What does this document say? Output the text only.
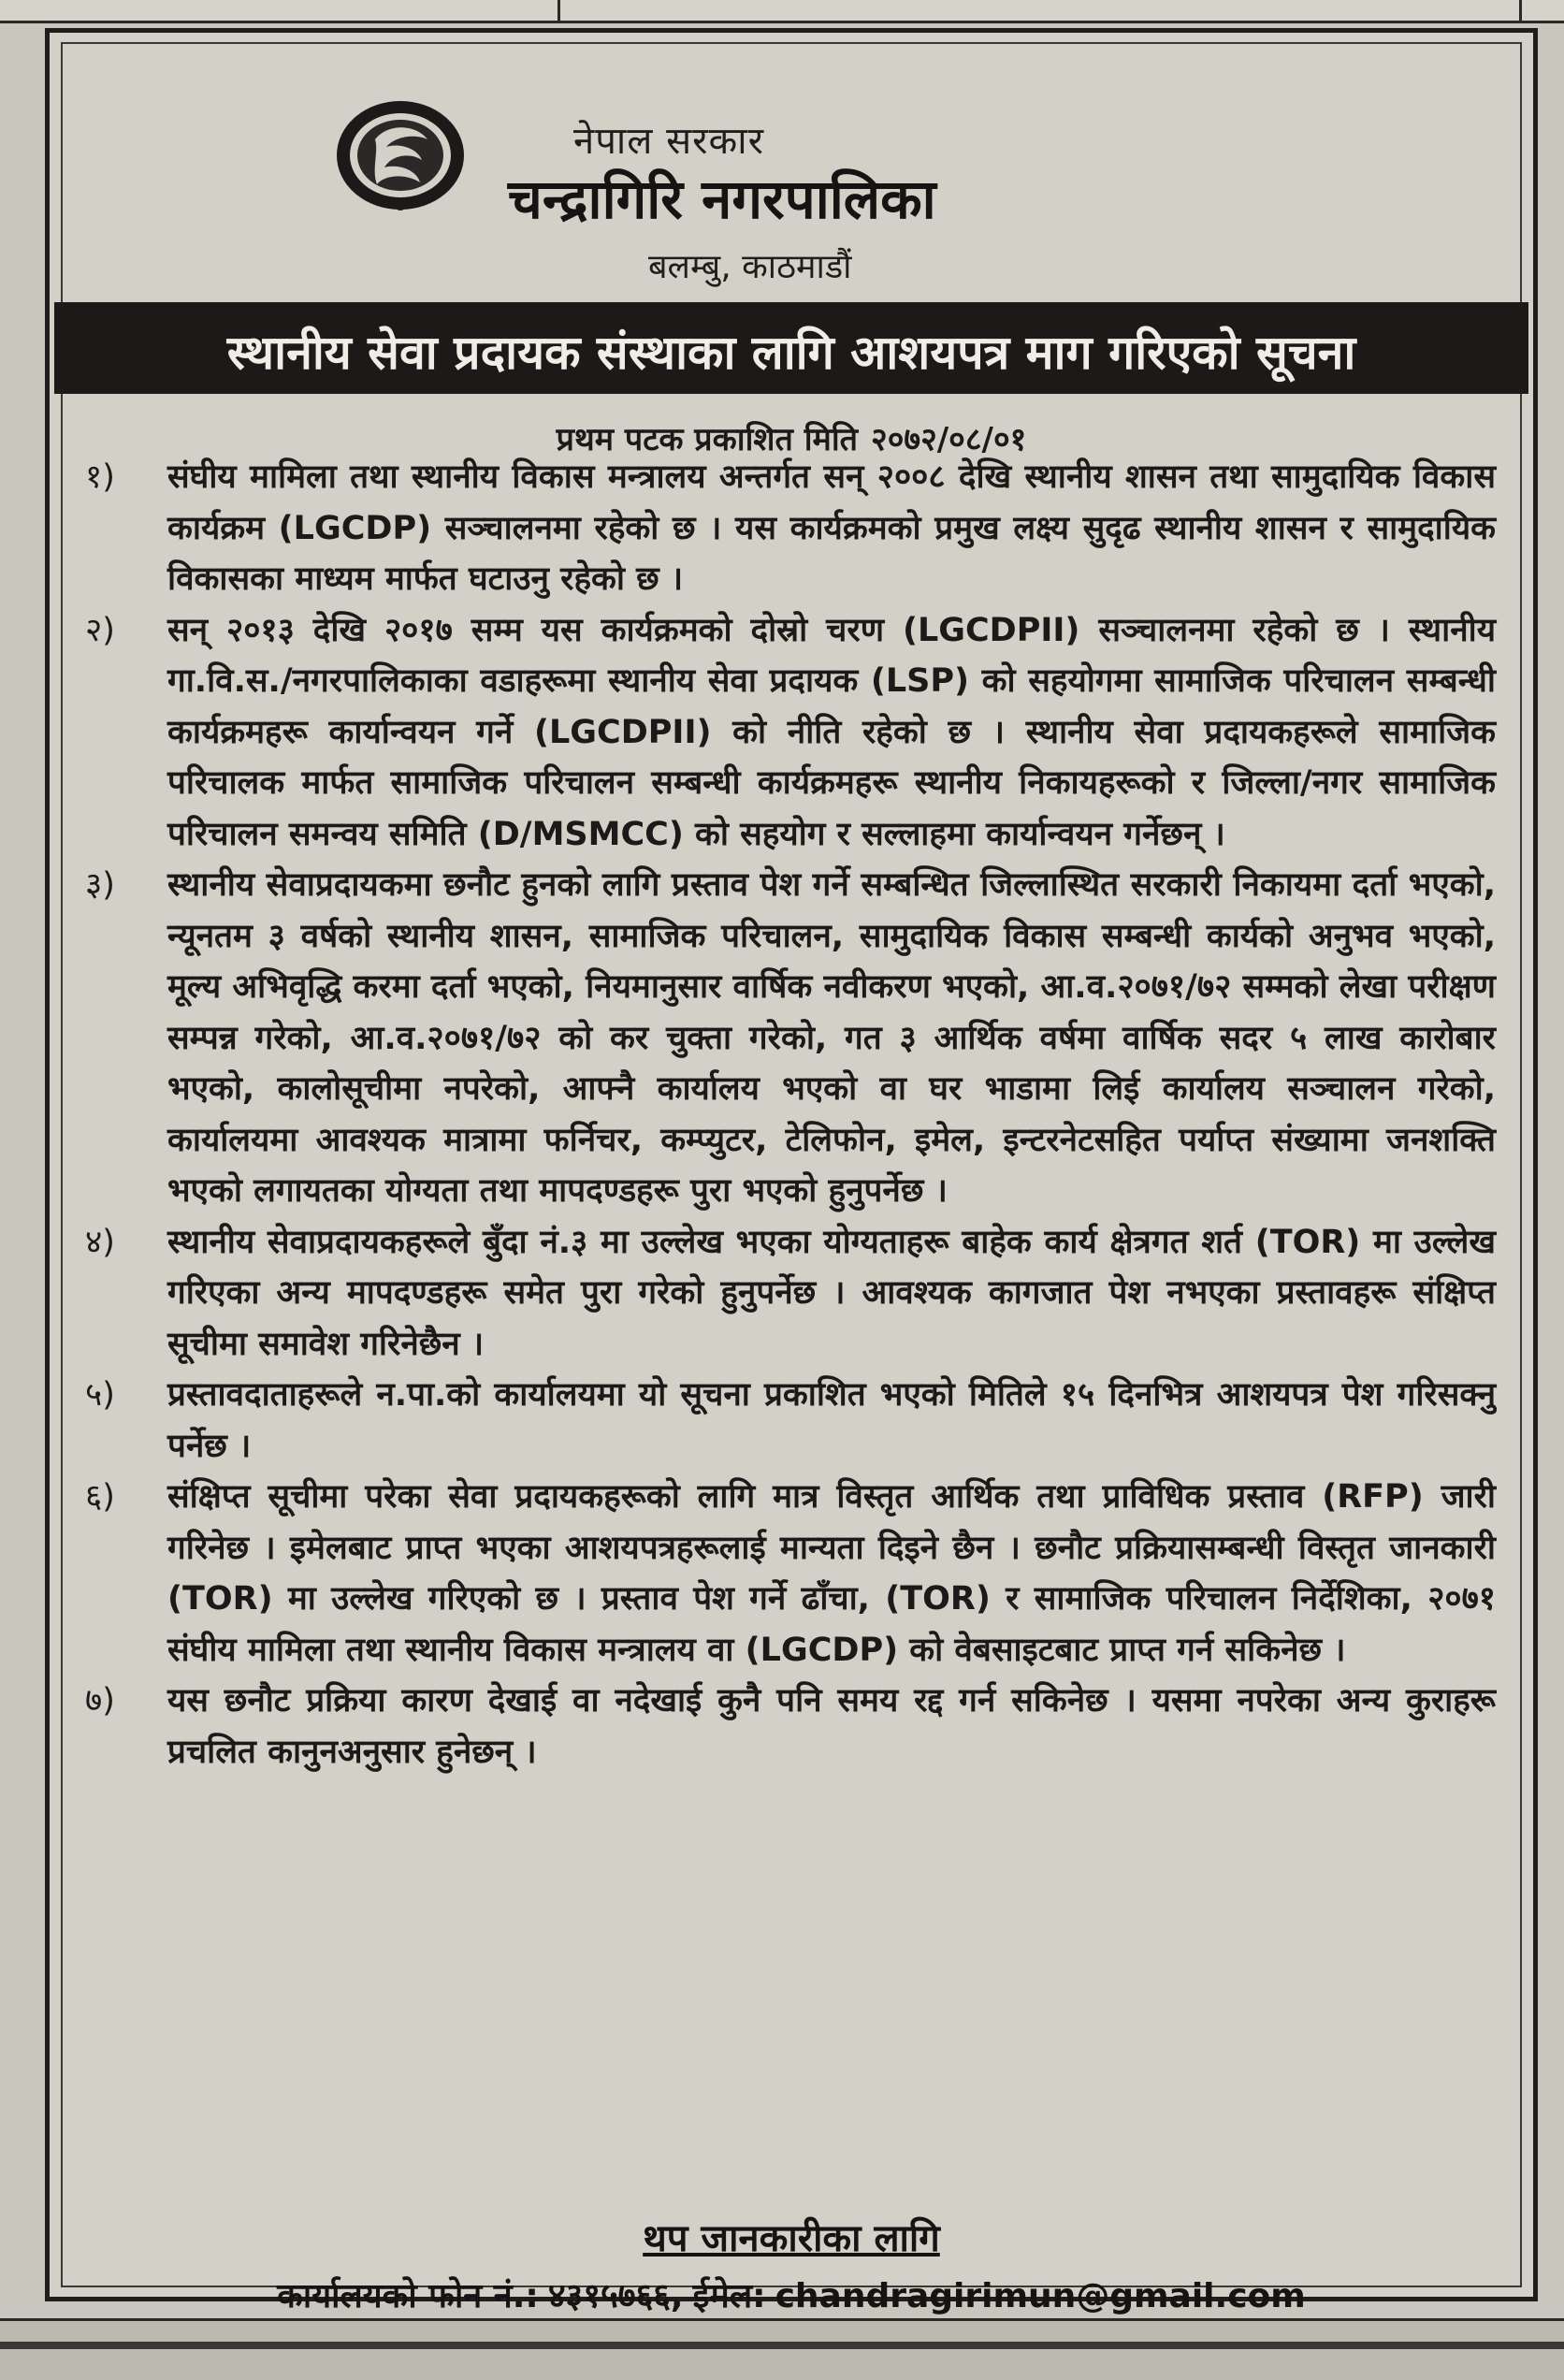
नेपाल सरकार
चन्द्रागिरि नगरपालिका
बलम्बु, काठमाडौं
स्थानीय सेवा प्रदायक संस्थाका लागि आशयपत्र माग गरिएको सूचना
प्रथम पटक प्रकाशित मिति २०७२/०८/०१
१)	संघीय मामिला तथा स्थानीय विकास मन्त्रालय अन्तर्गत सन् २००८ देखि स्थानीय शासन तथा सामुदायिक विकास कार्यक्रम (LGCDP) सञ्चालनमा रहेको छ । यस कार्यक्रमको प्रमुख लक्ष्य सुदृढ स्थानीय शासन र सामुदायिक विकासका माध्यम मार्फत घटाउनु रहेको छ ।
२)	सन् २०१३ देखि २०१७ सम्म यस कार्यक्रमको दोस्रो चरण (LGCDPII) सञ्चालनमा रहेको छ । स्थानीय गा.वि.स./नगरपालिकाका वडाहरूमा स्थानीय सेवा प्रदायक (LSP) को सहयोगमा सामाजिक परिचालन सम्बन्धी कार्यक्रमहरू कार्यान्वयन गर्ने (LGCDPII) को नीति रहेको छ । स्थानीय सेवा प्रदायकहरूले सामाजिक परिचालक मार्फत सामाजिक परिचालन सम्बन्धी कार्यक्रमहरू स्थानीय निकायहरूको र जिल्ला/नगर सामाजिक परिचालन समन्वय समिति (D/MSMCC) को सहयोग र सल्लाहमा कार्यान्वयन गर्नेछन् ।
३)	स्थानीय सेवाप्रदायकमा छनौट हुनको लागि प्रस्ताव पेश गर्ने सम्बन्धित जिल्लास्थित सरकारी निकायमा दर्ता भएको, न्यूनतम ३ वर्षको स्थानीय शासन, सामाजिक परिचालन, सामुदायिक विकास सम्बन्धी कार्यको अनुभव भएको, मूल्य अभिवृद्धि करमा दर्ता भएको, नियमानुसार वार्षिक नवीकरण भएको, आ.व.२०७१/७२ सम्मको लेखा परीक्षण सम्पन्न गरेको, आ.व.२०७१/७२ को कर चुक्ता गरेको, गत ३ आर्थिक वर्षमा वार्षिक सदर ५ लाख कारोबार भएको, कालोसूचीमा नपरेको, आफ्नै कार्यालय भएको वा घर भाडामा लिई कार्यालय सञ्चालन गरेको, कार्यालयमा आवश्यक मात्रामा फर्निचर, कम्प्युटर, टेलिफोन, इमेल, इन्टरनेटसहित पर्याप्त संख्यामा जनशक्ति भएको लगायतका योग्यता तथा मापदण्डहरू पुरा भएको हुनुपर्नेछ ।
४)	स्थानीय सेवाप्रदायकहरूले बुँदा नं.३ मा उल्लेख भएका योग्यताहरू बाहेक कार्य क्षेत्रगत शर्त (TOR) मा उल्लेख गरिएका अन्य मापदण्डहरू समेत पुरा गरेको हुनुपर्नेछ । आवश्यक कागजात पेश नभएका प्रस्तावहरू संक्षिप्त सूचीमा समावेश गरिनेछैन ।
५)	प्रस्तावदाताहरूले न.पा.को कार्यालयमा यो सूचना प्रकाशित भएको मितिले १५ दिनभित्र आशयपत्र पेश गरिसक्नु पर्नेछ ।
६)	संक्षिप्त सूचीमा परेका सेवा प्रदायकहरूको लागि मात्र विस्तृत आर्थिक तथा प्राविधिक प्रस्ताव (RFP) जारी गरिनेछ । इमेलबाट प्राप्त भएका आशयपत्रहरूलाई मान्यता दिइने छैन । छनौट प्रक्रियासम्बन्धी विस्तृत जानकारी (TOR) मा उल्लेख गरिएको छ । प्रस्ताव पेश गर्ने ढाँचा, (TOR) र सामाजिक परिचालन निर्देशिका, २०७१ संघीय मामिला तथा स्थानीय विकास मन्त्रालय वा (LGCDP) को वेबसाइटबाट प्राप्त गर्न सकिनेछ ।
७)	यस छनौट प्रक्रिया कारण देखाई वा नदेखाई कुनै पनि समय रद्द गर्न सकिनेछ । यसमा नपरेका अन्य कुराहरू प्रचलित कानुनअनुसार हुनेछन् ।
थप जानकारीका लागि
कार्यालयको फोन नं.: ४३१५७६६, ईमेल: chandragirimun@gmail.com
